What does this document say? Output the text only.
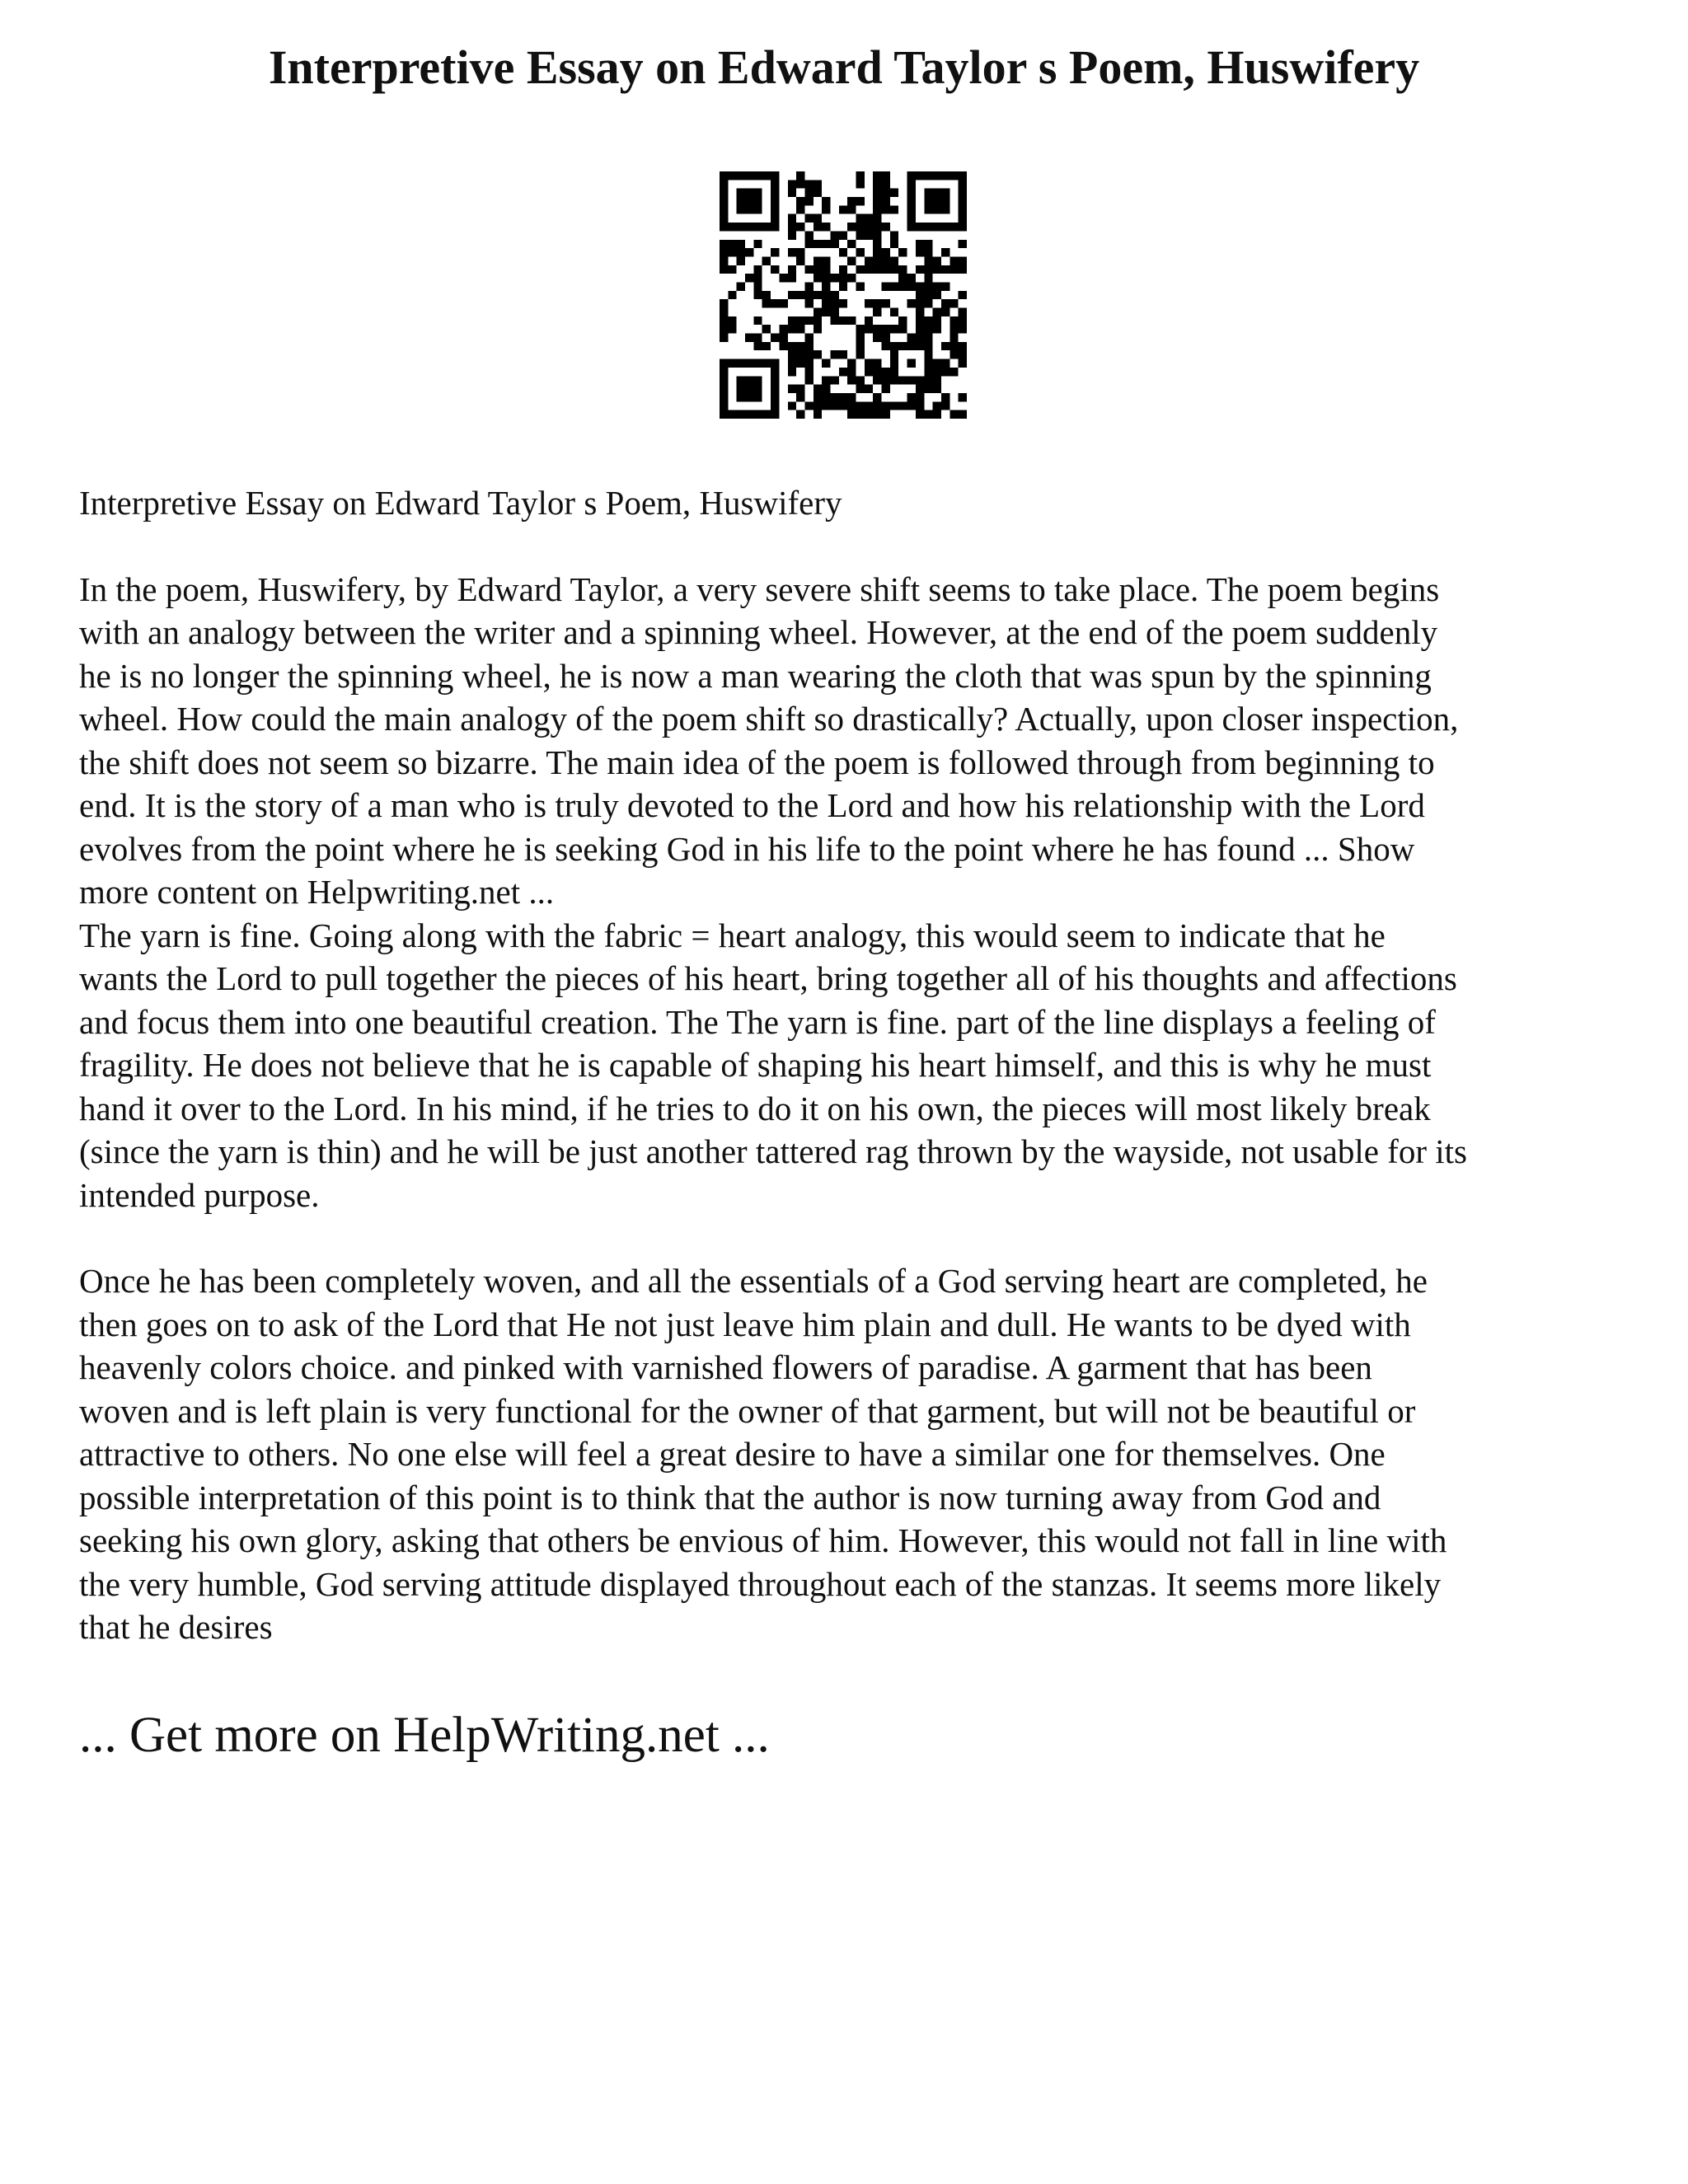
Interpretive Essay on Edward Taylor s Poem, Huswifery

Interpretive Essay on Edward Taylor s Poem, Huswifery

In the poem, Huswifery, by Edward Taylor, a very severe shift seems to take place. The poem begins
with an analogy between the writer and a spinning wheel. However, at the end of the poem suddenly
he is no longer the spinning wheel, he is now a man wearing the cloth that was spun by the spinning
wheel. How could the main analogy of the poem shift so drastically? Actually, upon closer inspection,
the shift does not seem so bizarre. The main idea of the poem is followed through from beginning to
end. It is the story of a man who is truly devoted to the Lord and how his relationship with the Lord
evolves from the point where he is seeking God in his life to the point where he has found ... Show
more content on Helpwriting.net ...

The yarn is fine. Going along with the fabric = heart analogy, this would seem to indicate that he
wants the Lord to pull together the pieces of his heart, bring together all of his thoughts and affections
and focus them into one beautiful creation. The The yarn is fine. part of the line displays a feeling of
fragility. He does not believe that he is capable of shaping his heart himself, and this is why he must
hand it over to the Lord. In his mind, if he tries to do it on his own, the pieces will most likely break
(since the yarn is thin) and he will be just another tattered rag thrown by the wayside, not usable for its
intended purpose.

Once he has been completely woven, and all the essentials of a God serving heart are completed, he
then goes on to ask of the Lord that He not just leave him plain and dull. He wants to be dyed with
heavenly colors choice. and pinked with varnished flowers of paradise. A garment that has been
woven and is left plain is very functional for the owner of that garment, but will not be beautiful or
attractive to others. No one else will feel a great desire to have a similar one for themselves. One
possible interpretation of this point is to think that the author is now turning away from God and
seeking his own glory, asking that others be envious of him. However, this would not fall in line with
the very humble, God serving attitude displayed throughout each of the stanzas. It seems more likely
that he desires

... Get more on HelpWriting.net ...
